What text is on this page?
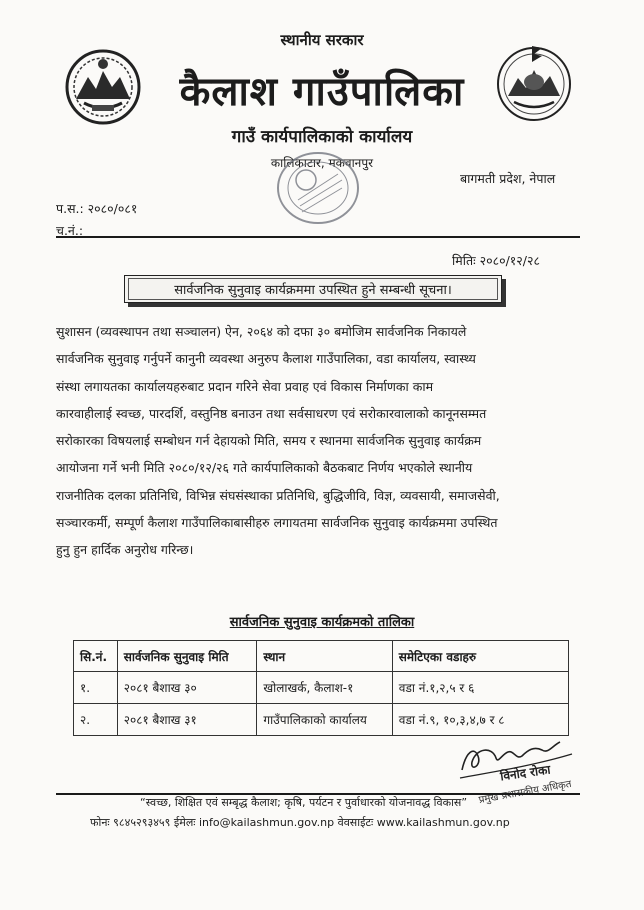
स्थानीय सरकार
कैलाश गाउँपालिका
गाउँ कार्यपालिकाको कार्यालय
कालिकाटार, मकवानपुर
बागमती प्रदेश, नेपाल
प.स.: २०८०/०८१
च.नं.:
मितिः २०८०/१२/२८
सार्वजनिक सुनुवाइ कार्यक्रममा उपस्थित हुने सम्बन्धी सूचना।
सुशासन (व्यवस्थापन तथा सञ्चालन) ऐन, २०६४ को दफा ३० बमोजिम सार्वजनिक निकायले
सार्वजनिक सुनुवाइ गर्नुपर्ने कानुनी व्यवस्था अनुरुप कैलाश गाउँपालिका, वडा कार्यालय, स्वास्थ्य
संस्था लगायतका कार्यालयहरुबाट प्रदान गरिने सेवा प्रवाह एवं विकास निर्माणका काम
कारवाहीलाई स्वच्छ, पारदर्शि, वस्तुनिष्ठ बनाउन तथा सर्वसाधरण एवं सरोकारवालाको कानूनसम्मत
सरोकारका विषयलाई सम्बोधन गर्न देहायको मिति, समय र स्थानमा सार्वजनिक सुनुवाइ कार्यक्रम
आयोजना गर्ने भनी मिति २०८०/१२/२६ गते कार्यपालिकाको बैठकबाट निर्णय भएकोले स्थानीय
राजनीतिक दलका प्रतिनिधि, विभिन्न संघसंस्थाका प्रतिनिधि, बुद्धिजीवि, विज्ञ, व्यवसायी, समाजसेवी,
सञ्चारकर्मी, सम्पूर्ण कैलाश गाउँपालिकाबासीहरु लगायतमा सार्वजनिक सुनुवाइ कार्यक्रममा उपस्थित
हुनु हुन हार्दिक अनुरोध गरिन्छ।
सार्वजनिक सुनुवाइ कार्यक्रमको तालिका
सि.नं.	सार्वजनिक सुनुवाइ मिति	स्थान	समेटिएका वडाहरु
१.	२०८१ बैशाख ३०	खोलाखर्क, कैलाश-१	वडा नं.१,२,५ र ६
२.	२०८१ बैशाख ३१	गाउँपालिकाको कार्यालय	वडा नं.९, १०,३,४,७ र ८
विनोद रोका
प्रमुख प्रशासकीय अधिकृत
“स्वच्छ, शिक्षित एवं सम्बृद्ध कैलाश; कृषि, पर्यटन र पुर्वाधारको योजनावद्ध विकास”
फोनः ९८४५२९३४५९ ईमेलः info@kailashmun.gov.np वेवसाईटः www.kailashmun.gov.np
